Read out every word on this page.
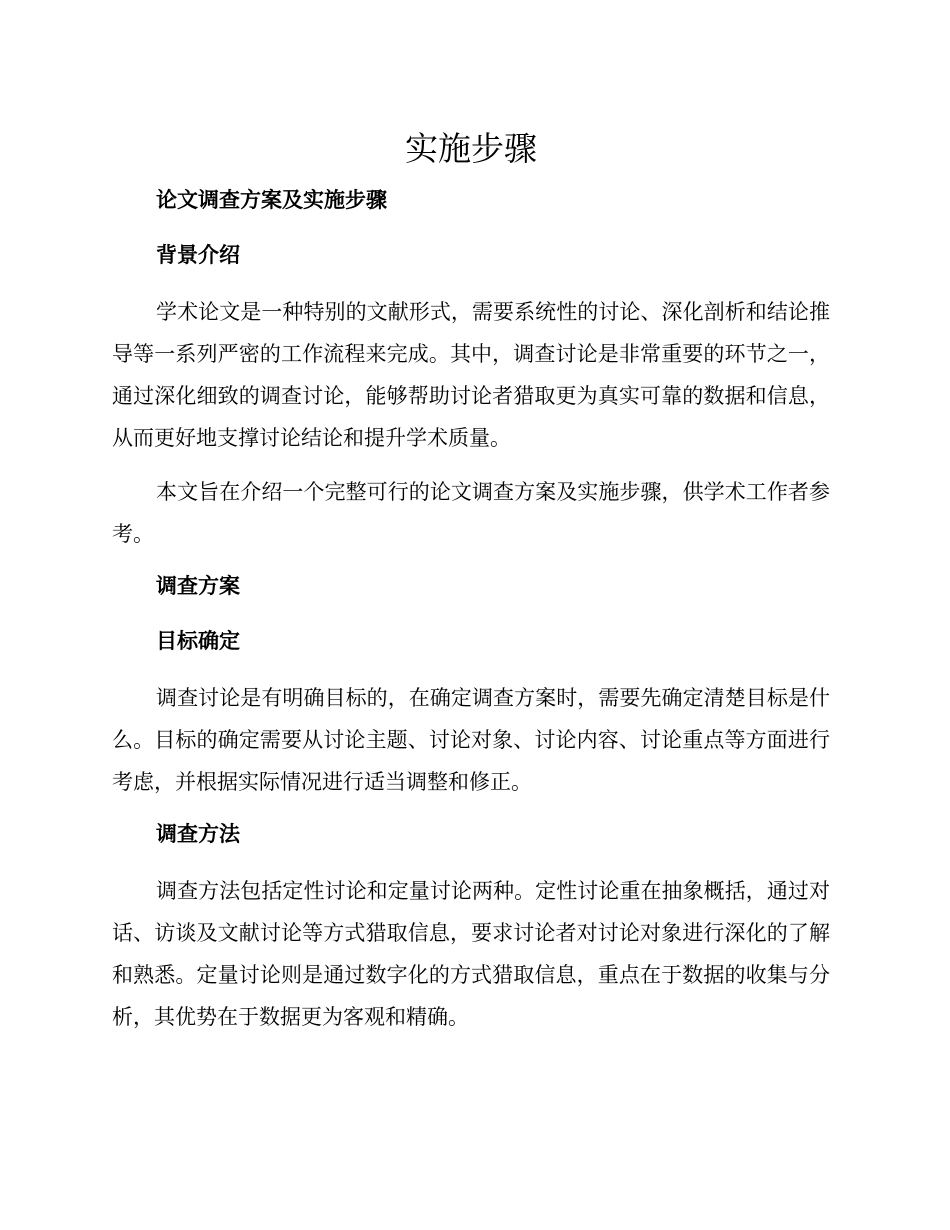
实施步骤
论文调查方案及实施步骤
背景介绍

学术论文是一种特别的文献形式，需要系统性的讨论、深化剖析和结论推导等一系列严密的工作流程来完成。其中，调查讨论是非常重要的环节之一，通过深化细致的调查讨论，能够帮助讨论者猎取更为真实可靠的数据和信息，从而更好地支撑讨论结论和提升学术质量。

本文旨在介绍一个完整可行的论文调查方案及实施步骤，供学术工作者参考。

调查方案
目标确定

调查讨论是有明确目标的，在确定调查方案时，需要先确定清楚目标是什么。目标的确定需要从讨论主题、讨论对象、讨论内容、讨论重点等方面进行考虑，并根据实际情况进行适当调整和修正。

调查方法

调查方法包括定性讨论和定量讨论两种。定性讨论重在抽象概括，通过对话、访谈及文献讨论等方式猎取信息，要求讨论者对讨论对象进行深化的了解和熟悉。定量讨论则是通过数字化的方式猎取信息，重点在于数据的收集与分析，其优势在于数据更为客观和精确。
